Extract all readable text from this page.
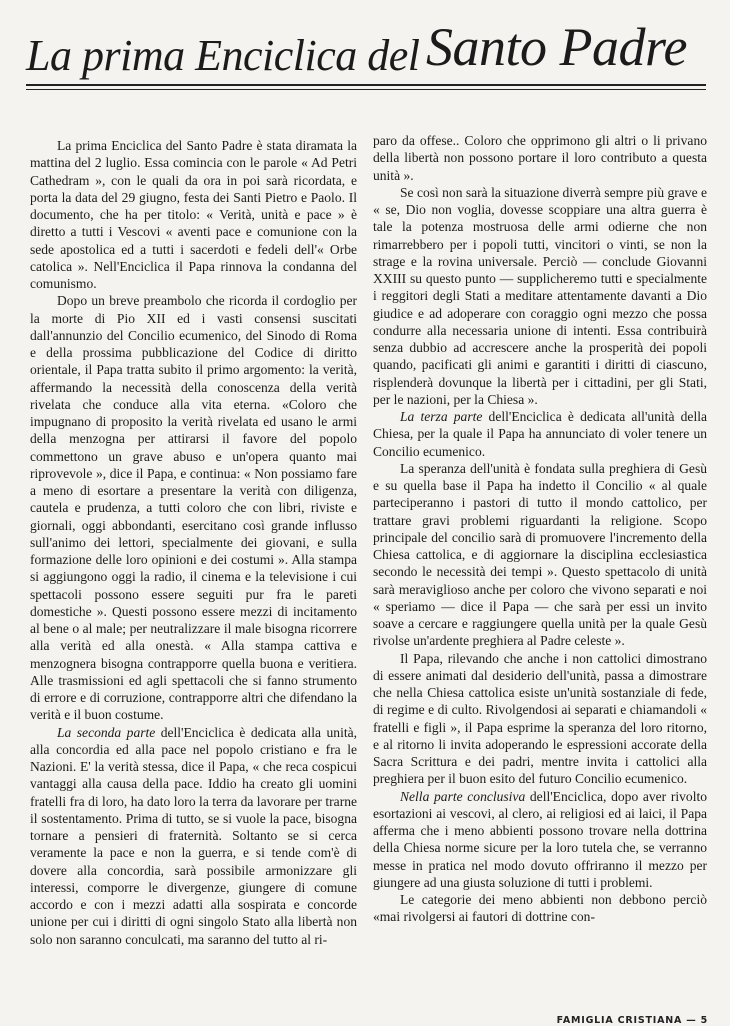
La prima Enciclica del Santo Padre

La prima Enciclica del Santo Padre è stata diramata la mattina del 2 luglio. Essa comincia con le parole « Ad Petri Cathedram », con le quali da ora in poi sarà ricordata, e porta la data del 29 giugno, festa dei Santi Pietro e Paolo. Il documento, che ha per titolo: « Verità, unità e pace » è diretto a tutti i Vescovi « aventi pace e comunione con la sede apostolica ed a tutti i sacerdoti e fedeli dell'« Orbe catolica ». Nell'Enciclica il Papa rinnova la condanna del comunismo.

Dopo un breve preambolo che ricorda il cordoglio per la morte di Pio XII ed i vasti consensi suscitati dall'annunzio del Concilio ecumenico, del Sinodo di Roma e della prossima pubblicazione del Codice di diritto orientale, il Papa tratta subito il primo argomento: la verità, affermando la necessità della conoscenza della verità rivelata che conduce alla vita eterna. «Coloro che impugnano di proposito la verità rivelata ed usano le armi della menzogna per attirarsi il favore del popolo commettono un grave abuso e un'opera quanto mai riprovevole », dice il Papa, e continua: « Non possiamo fare a meno di esortare a presentare la verità con diligenza, cautela e prudenza, a tutti coloro che con libri, riviste e giornali, oggi abbondanti, esercitano così grande influsso sull'animo dei lettori, specialmente dei giovani, e sulla formazione delle loro opinioni e dei costumi ». Alla stampa si aggiungono oggi la radio, il cinema e la televisione i cui spettacoli possono essere seguiti pur fra le pareti domestiche ». Questi possono essere mezzi di incitamento al bene o al male; per neutralizzare il male bisogna ricorrere alla verità ed alla onestà. « Alla stampa cattiva e menzognera bisogna contrapporre quella buona e veritiera. Alle trasmissioni ed agli spettacoli che si fanno strumento di errore e di corruzione, contrapporre altri che difendano la verità e il buon costume.

La seconda parte dell'Enciclica è dedicata alla unità, alla concordia ed alla pace nel popolo cristiano e fra le Nazioni. E' la verità stessa, dice il Papa, « che reca cospicui vantaggi alla causa della pace. Iddio ha creato gli uomini fratelli fra di loro, ha dato loro la terra da lavorare per trarne il sostentamento. Prima di tutto, se si vuole la pace, bisogna tornare a pensieri di fraternità. Soltanto se si cerca veramente la pace e non la guerra, e si tende com'è di dovere alla concordia, sarà possibile armonizzare gli interessi, comporre le divergenze, giungere di comune accordo e con i mezzi adatti alla sospirata e concorde unione per cui i diritti di ogni singolo Stato alla libertà non solo non saranno conculcati, ma saranno del tutto al ri-

paro da offese.. Coloro che opprimono gli altri o li privano della libertà non possono portare il loro contributo a questa unità ».

Se così non sarà la situazione diverrà sempre più grave e « se, Dio non voglia, dovesse scoppiare una altra guerra è tale la potenza mostruosa delle armi odierne che non rimarrebbero per i popoli tutti, vincitori o vinti, se non la strage e la rovina universale. Perciò — conclude Giovanni XXIII su questo punto — supplicheremo tutti e specialmente i reggitori degli Stati a meditare attentamente davanti a Dio giudice e ad adoperare con coraggio ogni mezzo che possa condurre alla necessaria unione di intenti. Essa contribuirà senza dubbio ad accrescere anche la prosperità dei popoli quando, pacificati gli animi e garantiti i diritti di ciascuno, risplenderà dovunque la libertà per i cittadini, per gli Stati, per le nazioni, per la Chiesa ».

La terza parte dell'Enciclica è dedicata all'unità della Chiesa, per la quale il Papa ha annunciato di voler tenere un Concilio ecumenico.

La speranza dell'unità è fondata sulla preghiera di Gesù e su quella base il Papa ha indetto il Concilio « al quale parteciperanno i pastori di tutto il mondo cattolico, per trattare gravi problemi riguardanti la religione. Scopo principale del concilio sarà di promuovere l'incremento della Chiesa cattolica, e di aggiornare la disciplina ecclesiastica secondo le necessità dei tempi ». Questo spettacolo di unità sarà meraviglioso anche per coloro che vivono separati e noi « speriamo — dice il Papa — che sarà per essi un invito soave a cercare e raggiungere quella unità per la quale Gesù rivolse un'ardente preghiera al Padre celeste ».

Il Papa, rilevando che anche i non cattolici dimostrano di essere animati dal desiderio dell'unità, passa a dimostrare che nella Chiesa cattolica esiste un'unità sostanziale di fede, di regime e di culto. Rivolgendosi ai separati e chiamandoli « fratelli e figli », il Papa esprime la speranza del loro ritorno, e al ritorno li invita adoperando le espressioni accorate della Sacra Scrittura e dei padri, mentre invita i cattolici alla preghiera per il buon esito del futuro Concilio ecumenico.

Nella parte conclusiva dell'Enciclica, dopo aver rivolto esortazioni ai vescovi, al clero, ai religiosi ed ai laici, il Papa afferma che i meno abbienti possono trovare nella dottrina della Chiesa norme sicure per la loro tutela che, se verranno messe in pratica nel modo dovuto offriranno il mezzo per giungere ad una giusta soluzione di tutti i problemi.

Le categorie dei meno abbienti non debbono perciò «mai rivolgersi ai fautori di dottrine con-

FAMIGLIA CRISTIANA — 5
